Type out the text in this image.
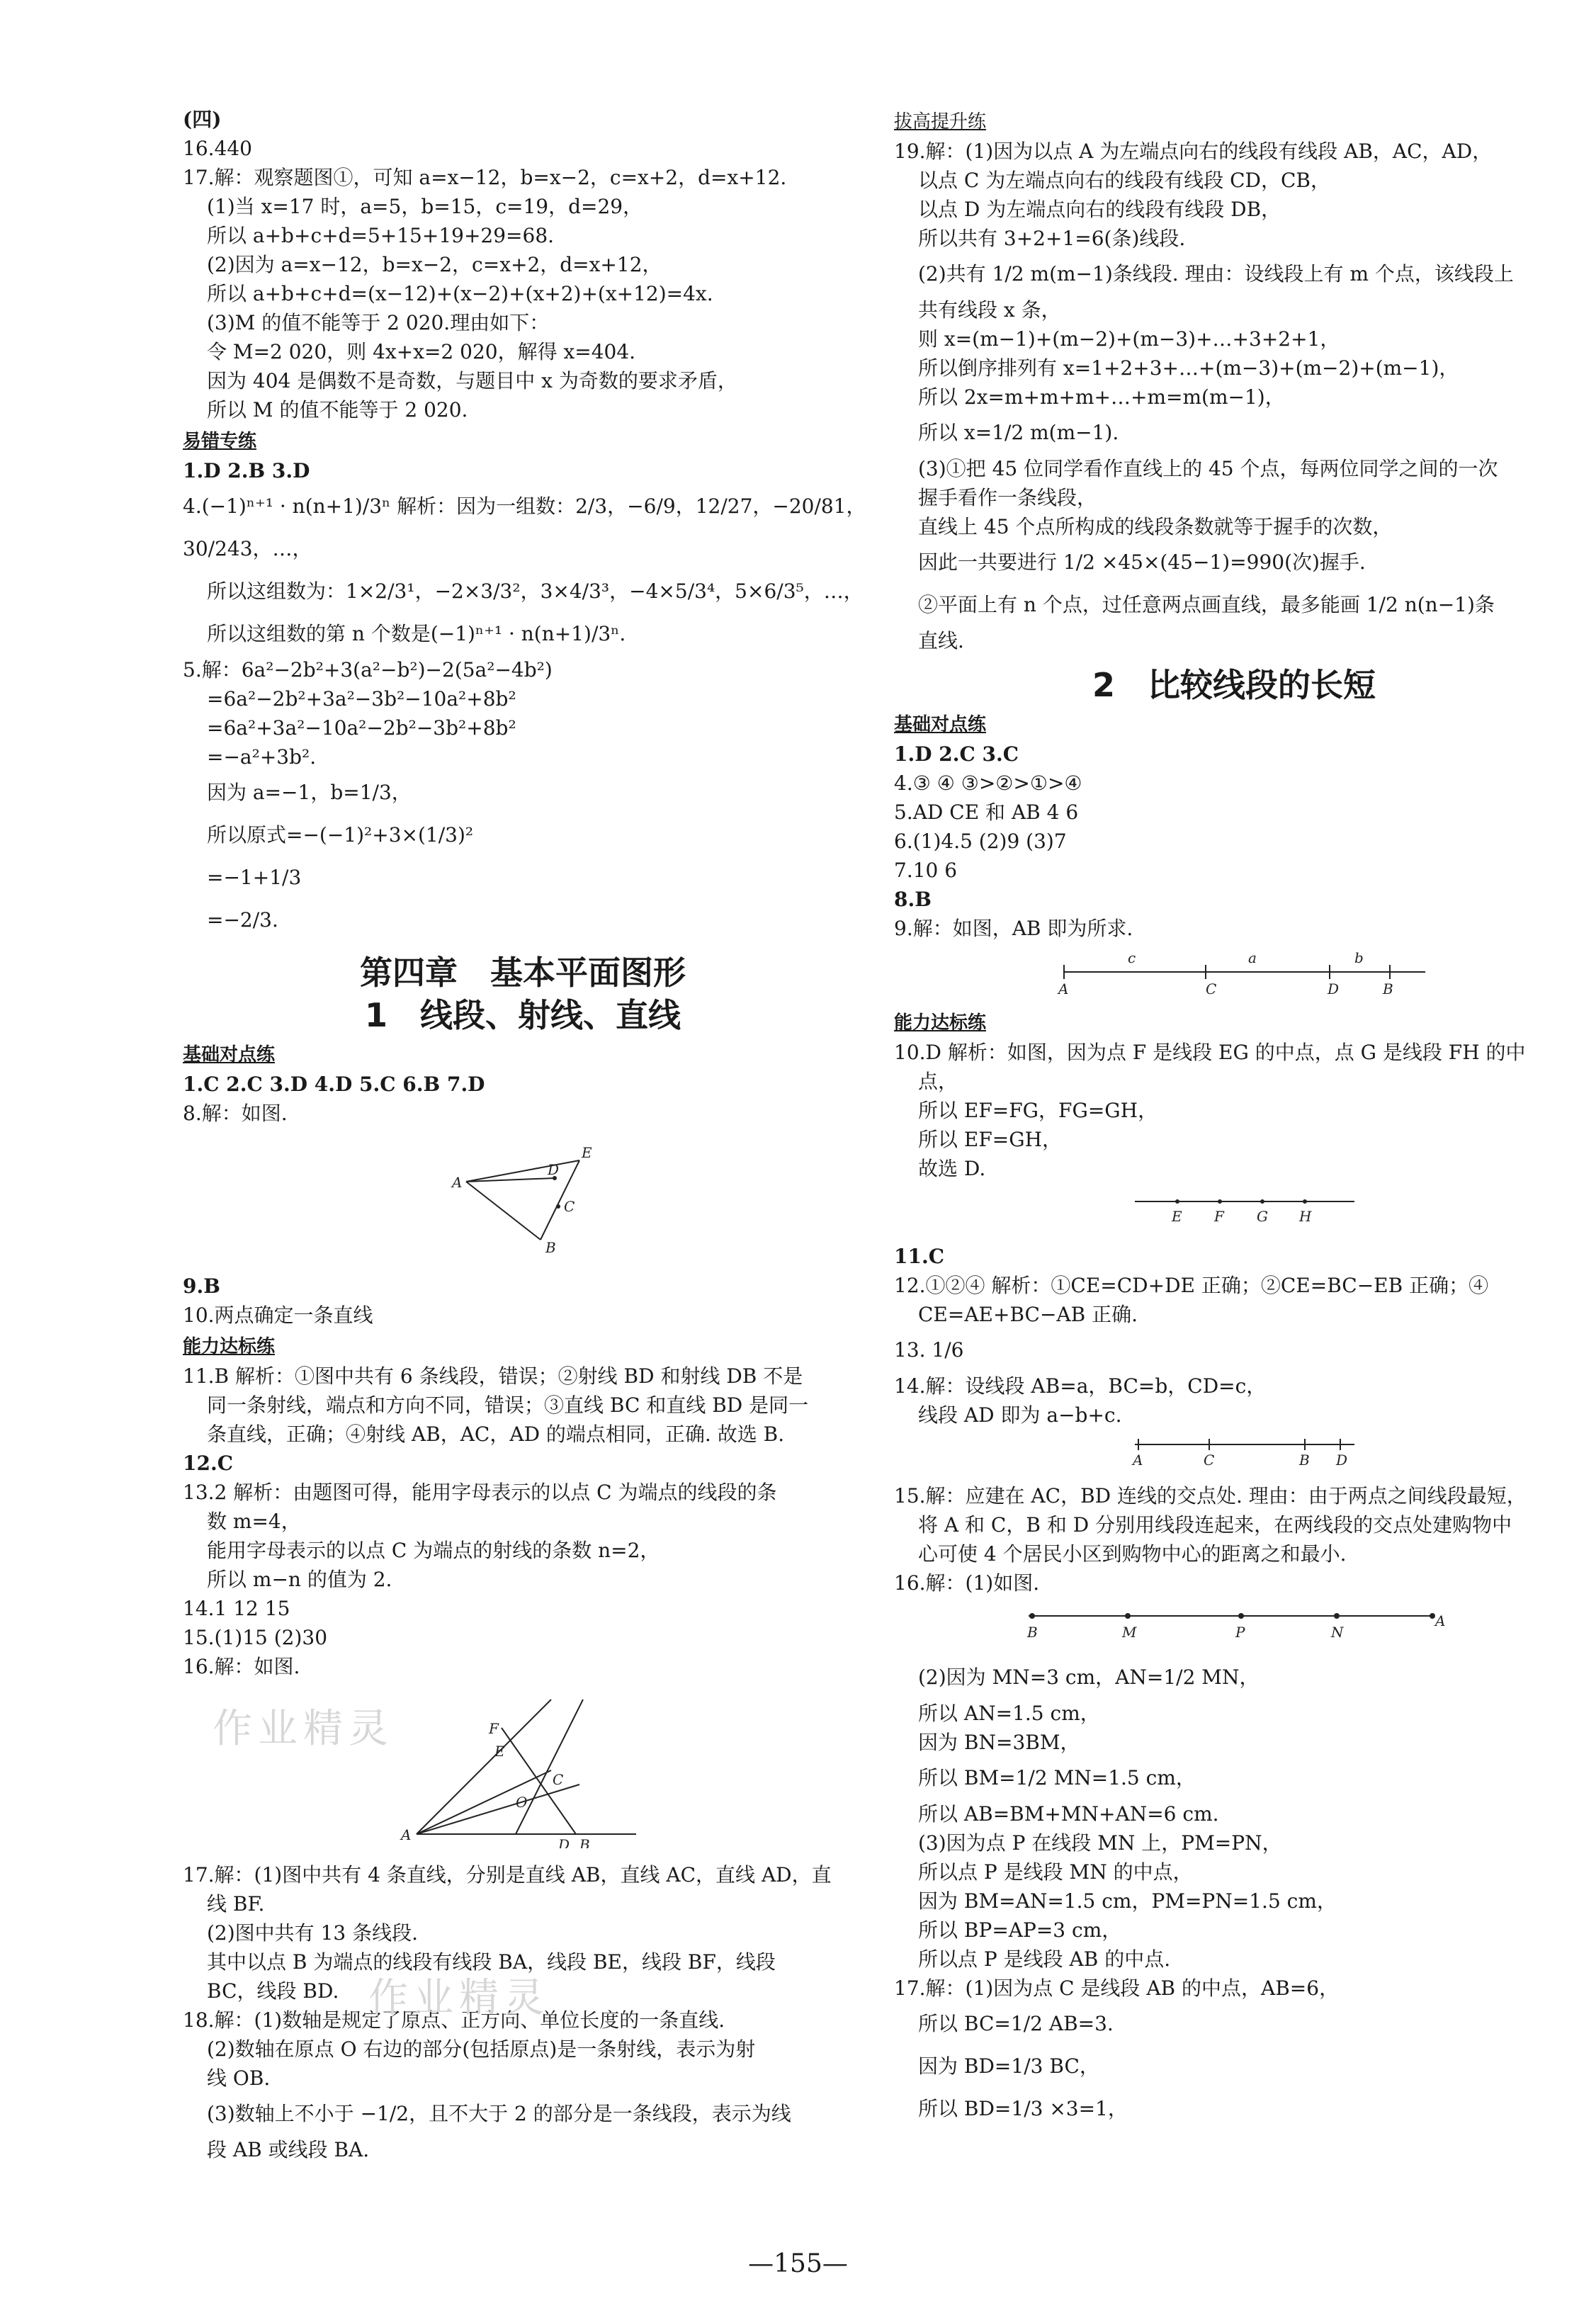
(四)

16.440

17.解：观察题图①，可知 a=x−12，b=x−2，c=x+2，d=x+12.

(1)当 x=17 时，a=5，b=15，c=19，d=29，

所以 a+b+c+d=5+15+19+29=68.

(2)因为 a=x−12，b=x−2，c=x+2，d=x+12，

所以 a+b+c+d=(x−12)+(x−2)+(x+2)+(x+12)=4x.

(3)M 的值不能等于 2 020.理由如下：

令 M=2 020，则 4x+x=2 020，解得 x=404.

因为 404 是偶数不是奇数，与题目中 x 为奇数的要求矛盾，

所以 M 的值不能等于 2 020.

易错专练

1.D 2.B 3.D

4.(−1)ⁿ⁺¹ · n(n+1)/3ⁿ 解析：因为一组数：2/3，−6/9，12/27，−20/81，

30/243，…，

所以这组数为：1×2/3¹，−2×3/3²，3×4/3³，−4×5/3⁴，5×6/3⁵，…，

所以这组数的第 n 个数是(−1)ⁿ⁺¹ · n(n+1)/3ⁿ.

5.解：6a²−2b²+3(a²−b²)−2(5a²−4b²)

=6a²−2b²+3a²−3b²−10a²+8b²

=6a²+3a²−10a²−2b²−3b²+8b²

=−a²+3b².

因为 a=−1，b=1/3，

所以原式=−(−1)²+3×(1/3)²

=−1+1/3

=−2/3.

第四章　基本平面图形

1　线段、射线、直线

基础对点练

1.C 2.C 3.D 4.D 5.C 6.B 7.D

8.解：如图.

A
D
E
C
B

9.B

10.两点确定一条直线

能力达标练

11.B 解析：①图中共有 6 条线段，错误；②射线 BD 和射线 DB 不是

同一条射线，端点和方向不同，错误；③直线 BC 和直线 BD 是同一

条直线，正确；④射线 AB，AC，AD 的端点相同，正确. 故选 B.

12.C

13.2 解析：由题图可得，能用字母表示的以点 C 为端点的线段的条

数 m=4，

能用字母表示的以点 C 为端点的射线的条数 n=2，

所以 m−n 的值为 2.

14.1 12 15

15.(1)15 (2)30

16.解：如图.

F
E
C
O
A
D B

17.解：(1)图中共有 4 条直线，分别是直线 AB，直线 AC，直线 AD，直

线 BF.

(2)图中共有 13 条线段.

其中以点 B 为端点的线段有线段 BA，线段 BE，线段 BF，线段

BC，线段 BD.

18.解：(1)数轴是规定了原点、正方向、单位长度的一条直线.

(2)数轴在原点 O 右边的部分(包括原点)是一条射线，表示为射

线 OB.

(3)数轴上不小于 −1/2，且不大于 2 的部分是一条线段，表示为线

段 AB 或线段 BA.

拔高提升练

19.解：(1)因为以点 A 为左端点向右的线段有线段 AB，AC，AD，

以点 C 为左端点向右的线段有线段 CD，CB，

以点 D 为左端点向右的线段有线段 DB，

所以共有 3+2+1=6(条)线段.

(2)共有 1/2 m(m−1)条线段. 理由：设线段上有 m 个点，该线段上

共有线段 x 条，

则 x=(m−1)+(m−2)+(m−3)+…+3+2+1，

所以倒序排列有 x=1+2+3+…+(m−3)+(m−2)+(m−1)，

所以 2x=m+m+m+…+m=m(m−1)，

所以 x=1/2 m(m−1).

(3)①把 45 位同学看作直线上的 45 个点，每两位同学之间的一次

握手看作一条线段，

直线上 45 个点所构成的线段条数就等于握手的次数，

因此一共要进行 1/2 ×45×(45−1)=990(次)握手.

②平面上有 n 个点，过任意两点画直线，最多能画 1/2 n(n−1)条

直线.

2　比较线段的长短

基础对点练

1.D 2.C 3.C

4.③ ④ ③>②>①>④

5.AD CE 和 AB 4 6

6.(1)4.5 (2)9 (3)7

7.10 6

8.B

9.解：如图，AB 即为所求.

c	a	b
A	C	D	B

能力达标练

10.D 解析：如图，因为点 F 是线段 EG 的中点，点 G 是线段 FH 的中

点，

所以 EF=FG，FG=GH，

所以 EF=GH，

故选 D.

E F G H

11.C

12.①②④ 解析：①CE=CD+DE 正确；②CE=BC−EB 正确；④

CE=AE+BC−AB 正确.

13. 1/6

14.解：设线段 AB=a，BC=b，CD=c，

线段 AD 即为 a−b+c.

A	C	B D

15.解：应建在 AC，BD 连线的交点处. 理由：由于两点之间线段最短，

将 A 和 C，B 和 D 分别用线段连起来，在两线段的交点处建购物中

心可使 4 个居民小区到购物中心的距离之和最小.

16.解：(1)如图.

B	M	P	N
A

(2)因为 MN=3 cm，AN=1/2 MN，

所以 AN=1.5 cm，

因为 BN=3BM，

所以 BM=1/2 MN=1.5 cm，

所以 AB=BM+MN+AN=6 cm.

(3)因为点 P 在线段 MN 上，PM=PN，

所以点 P 是线段 MN 的中点，

因为 BM=AN=1.5 cm，PM=PN=1.5 cm，

所以 BP=AP=3 cm，

所以点 P 是线段 AB 的中点.

17.解：(1)因为点 C 是线段 AB 的中点，AB=6，

所以 BC=1/2 AB=3.

因为 BD=1/3 BC，

所以 BD=1/3 ×3=1，

作业精灵
作业精灵
—155—
